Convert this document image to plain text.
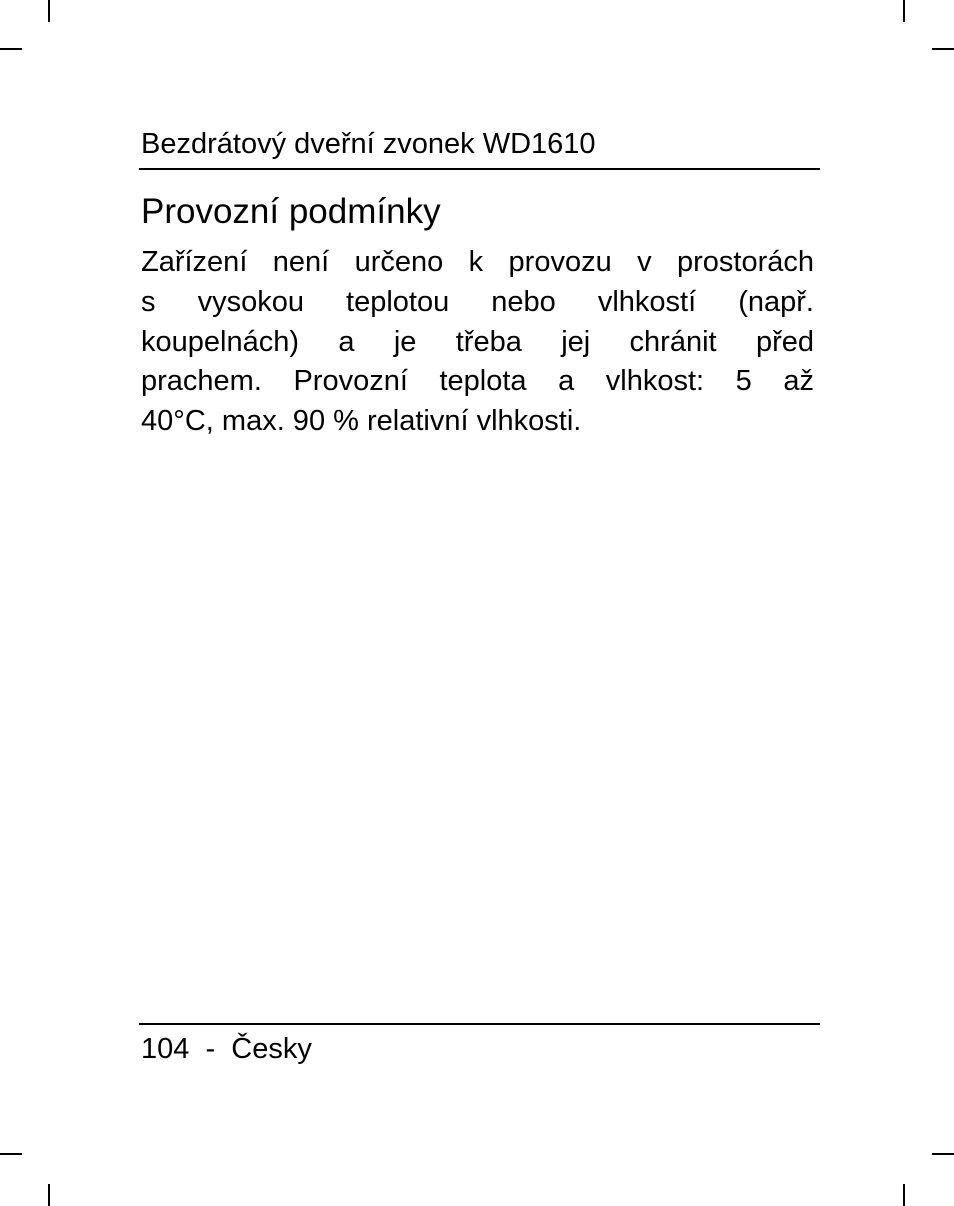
Bezdrátový dveřní zvonek WD1610
Provozní podmínky
Zařízení není určeno k provozu v prostorách
s vysokou teplotou nebo vlhkostí (např.
koupelnách) a je třeba jej chránit před
prachem. Provozní teplota a vlhkost: 5 až
40°C, max. 90 % relativní vlhkosti.
104  -  Česky
